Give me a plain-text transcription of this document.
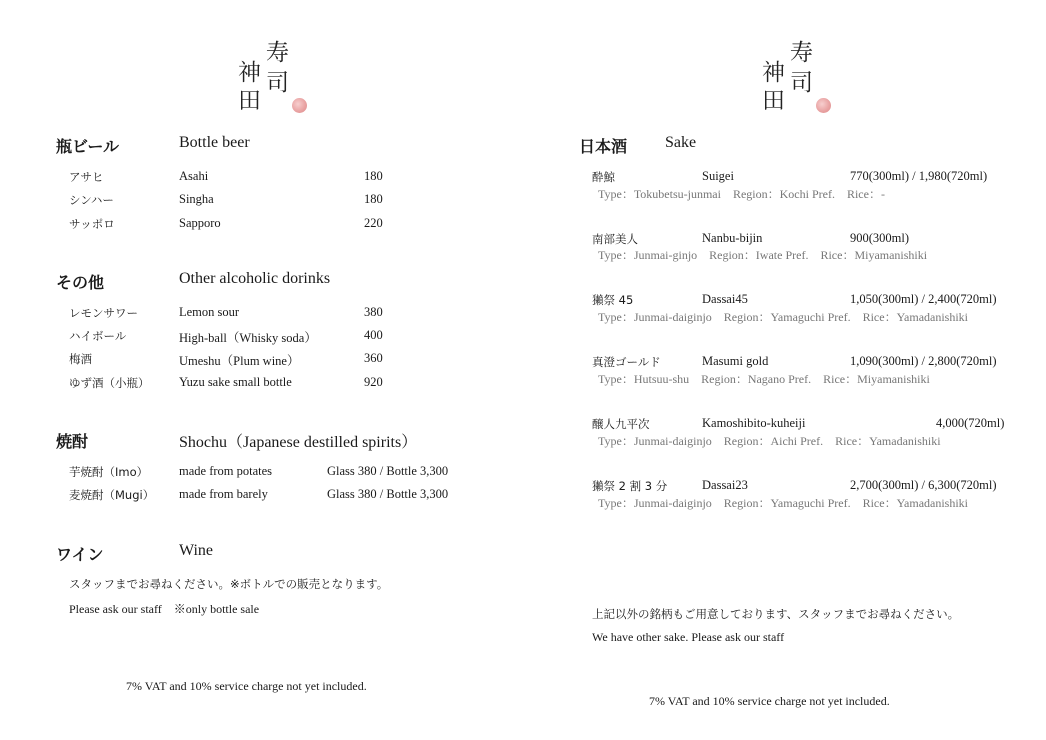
寿
司
神
田
瓶ビール	Bottle beer
アサヒ	Asahi	180
シンハー	Singha	180
サッポロ	Sapporo	220
その他	Other alcoholic dorinks
レモンサワー	Lemon sour	380
ハイボール	High-ball（Whisky soda）	400
梅酒	Umeshu（Plum wine）	360
ゆず酒（小瓶） Yuzu sake small bottle	920
焼酎	Shochu（Japanese destilled spirits）
芋焼酎（Imo） made from potates	Glass 380 / Bottle 3,300
麦焼酎（Mugi） made from barely	Glass 380 / Bottle 3,300
ワイン	Wine
スタッフまでお尋ねください。※ボトルでの販売となります。
Please ask our staff　※only bottle sale
7% VAT and 10% service charge not yet included.
寿
司
神
田
日本酒 Sake
酔鯨	Suigei	770(300ml) / 1,980(720ml)
Type：Tokubetsu-junmai　Region：Kochi Pref.　Rice：-
南部美人	Nanbu-bijin	900(300ml)
Type：Junmai-ginjo　Region：Iwate Pref.　Rice：Miyamanishiki
獺祭 45	Dassai45	1,050(300ml) / 2,400(720ml)
Type：Junmai-daiginjo　Region：Yamaguchi Pref.　Rice：Yamadanishiki
真澄ゴールド	Masumi gold	1,090(300ml) / 2,800(720ml)
Type：Hutsuu-shu　Region：Nagano Pref.　Rice：Miyamanishiki
醸人九平次	Kamoshibito-kuheiji	4,000(720ml)
Type：Junmai-daiginjo　Region：Aichi Pref.　Rice：Yamadanishiki
獺祭 2 割 3 分	Dassai23	2,700(300ml) / 6,300(720ml)
Type：Junmai-daiginjo　Region：Yamaguchi Pref.　Rice：Yamadanishiki
上記以外の銘柄もご用意しております、スタッフまでお尋ねください。
We have other sake. Please ask our staff
7% VAT and 10% service charge not yet included.
